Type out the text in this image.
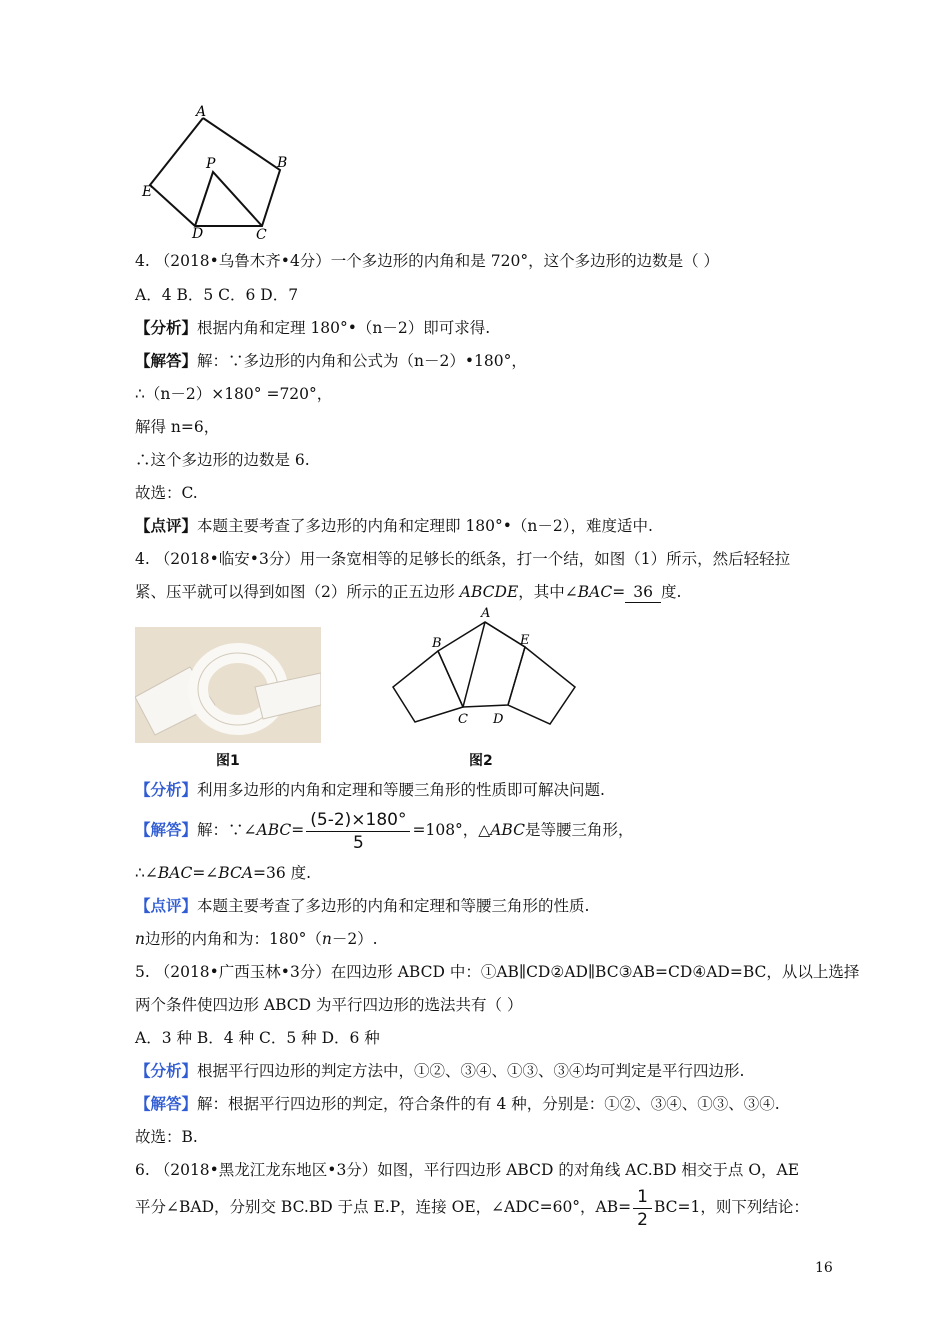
A
B
E
P
D	C
4. （2018•乌鲁木齐•4分）一个多边形的内角和是 720°，这个多边形的边数是（ ）
A．4 B．5 C．6 D．7
【分析】根据内角和定理 180°•（n－2）即可求得.
【解答】解：∵多边形的内角和公式为（n－2）•180°，
∴（n－2）×180° =720°，
解得 n=6，
∴这个多边形的边数是 6.
故选：C.
【点评】本题主要考查了多边形的内角和定理即 180°•（n－2），难度适中.
4. （2018•临安•3分）用一条宽相等的足够长的纸条，打一个结，如图（1）所示，然后轻轻拉
紧、压平就可以得到如图（2）所示的正五边形 ABCDE，其中∠BAC= 36 度.
图1
A
B	E
C D
图2
【分析】利用多边形的内角和定理和等腰三角形的性质即可解决问题.
【解答】解：∵∠ABC= $\frac{(5-2)\times 180^\circ}{5} =108^\circ$，△ABC是等腰三角形，
∴∠BAC=∠BCA=36 度.
【点评】本题主要考查了多边形的内角和定理和等腰三角形的性质.
n边形的内角和为：180°（n－2）.
5. （2018•广西玉林•3分）在四边形 ABCD 中：①AB∥CD②AD∥BC③AB=CD④AD=BC，从以上选择
两个条件使四边形 ABCD 为平行四边形的选法共有（ ）
A．3 种 B．4 种 C．5 种 D．6 种
【分析】根据平行四边形的判定方法中，①②、③④、①③、③④均可判定是平行四边形.
【解答】解：根据平行四边形的判定，符合条件的有 4 种，分别是：①②、③④、①③、③④.
故选：B.
6. （2018•黑龙江龙东地区•3分）如图，平行四边形 ABCD 的对角线 AC.BD 相交于点 O，AE
平分∠BAD，分别交 BC.BD 于点 E.P，连接 OE，∠ADC=60°，$AB= \frac{1}{2} BC=1$，则下列结论：
16
